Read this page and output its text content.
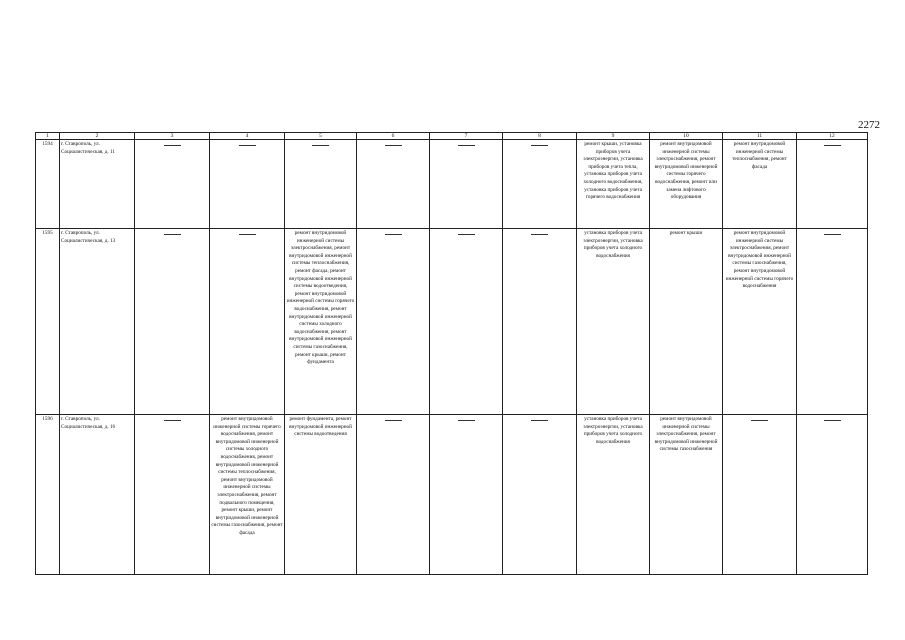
2272
1	2	3	4	5	6	7	8	9	10	11	12
1594	г. Ставрополь, ул. Социалистическая, д. 11							ремонт крыши, установка приборов учета электроэнергии, установка приборов учета тепла, установка приборов учета холодного водоснабжения, установка приборов учета горячего водоснабжения	ремонт внутридомовой инженерной системы электроснабжения, ремонт внутридомовой инженерной системы горячего водоснабжения, ремонт или замена лифтового оборудования	ремонт внутридомовой инженерной системы теплоснабжения, ремонт фасада	
1595	г. Ставрополь, ул. Социалистическая, д. 13			ремонт внутридомовой инженерной системы электроснабжения, ремонт внутридомовой инженерной системы теплоснабжения, ремонт фасада, ремонт внутридомовой инженерной системы водоотведения, ремонт внутридомовой инженерной системы горячего водоснабжения, ремонт внутридомовой инженерной системы холодного водоснабжения, ремонт внутридомовой инженерной системы газоснабжения, ремонт крыши, ремонт фундамента				установка приборов учета электроэнергии, установка приборов учета холодного водоснабжения	ремонт крыши	ремонт внутридомовой инженерной системы электроснабжения, ремонт внутридомовой инженерной системы газоснабжения, ремонт внутридомовой инженерной системы горячего водоснабжения	
1596	г. Ставрополь, ул. Социалистическая, д. 16		ремонт внутридомовой инженерной системы горячего водоснабжения, ремонт внутридомовой инженерной системы холодного водоснабжения, ремонт внутридомовой инженерной системы теплоснабжения, ремонт внутридомовой инженерной системы электроснабжения, ремонт подвального помещения, ремонт крыши, ремонт внутридомовой инженерной системы газоснабжения, ремонт фасада	ремонт фундамента, ремонт внутридомовой инженерной системы водоотведения				установка приборов учета электроэнергии, установка приборов учета холодного водоснабжения	ремонт внутридомовой инженерной системы электроснабжения, ремонт внутридомовой инженерной системы газоснабжения		
